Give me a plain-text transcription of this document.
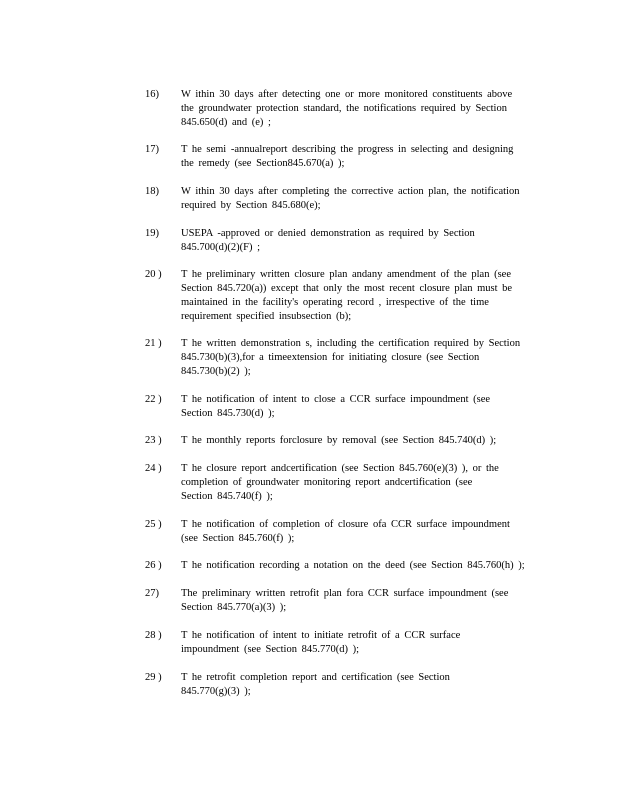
16)	W ithin 30 days after detecting one or more monitored constituents above
the groundwater protection standard, the notifications required by Section
845.650(d) and (e) ;
17)	T he semi -annualreport describing the progress in selecting and designing
the remedy (see Section845.670(a) );
18)	W ithin 30 days after completing the corrective action plan, the notification
required by Section 845.680(e);
19)	USEPA -approved or denied demonstration as required by Section
845.700(d)(2)(F) ;
20 )	T he preliminary written closure plan andany amendment of the plan (see
Section 845.720(a)) except that only the most recent closure plan must be
maintained in the facility's operating record , irrespective of the time
requirement specified insubsection (b);
21 )	T he written demonstration s, including the certification required by Section
845.730(b)(3),for a timeextension for initiating closure (see Section
845.730(b)(2) );
22 )	T he notification of intent to close a CCR surface impoundment (see
Section 845.730(d) );
23 )	T he monthly reports forclosure by removal (see Section 845.740(d) );
24 )	T he closure report andcertification (see Section 845.760(e)(3) ), or the
completion of groundwater monitoring report andcertification (see
Section 845.740(f) );
25 )	T he notification of completion of closure ofa CCR surface impoundment
(see Section 845.760(f) );
26 )	T he notification recording a notation on the deed (see Section 845.760(h) );
27)	The preliminary written retrofit plan fora CCR surface impoundment (see
Section 845.770(a)(3) );
28 )	T he notification of intent to initiate retrofit of a CCR surface
impoundment (see Section 845.770(d) );
29 )	T he retrofit completion report and certification (see Section
845.770(g)(3) );
